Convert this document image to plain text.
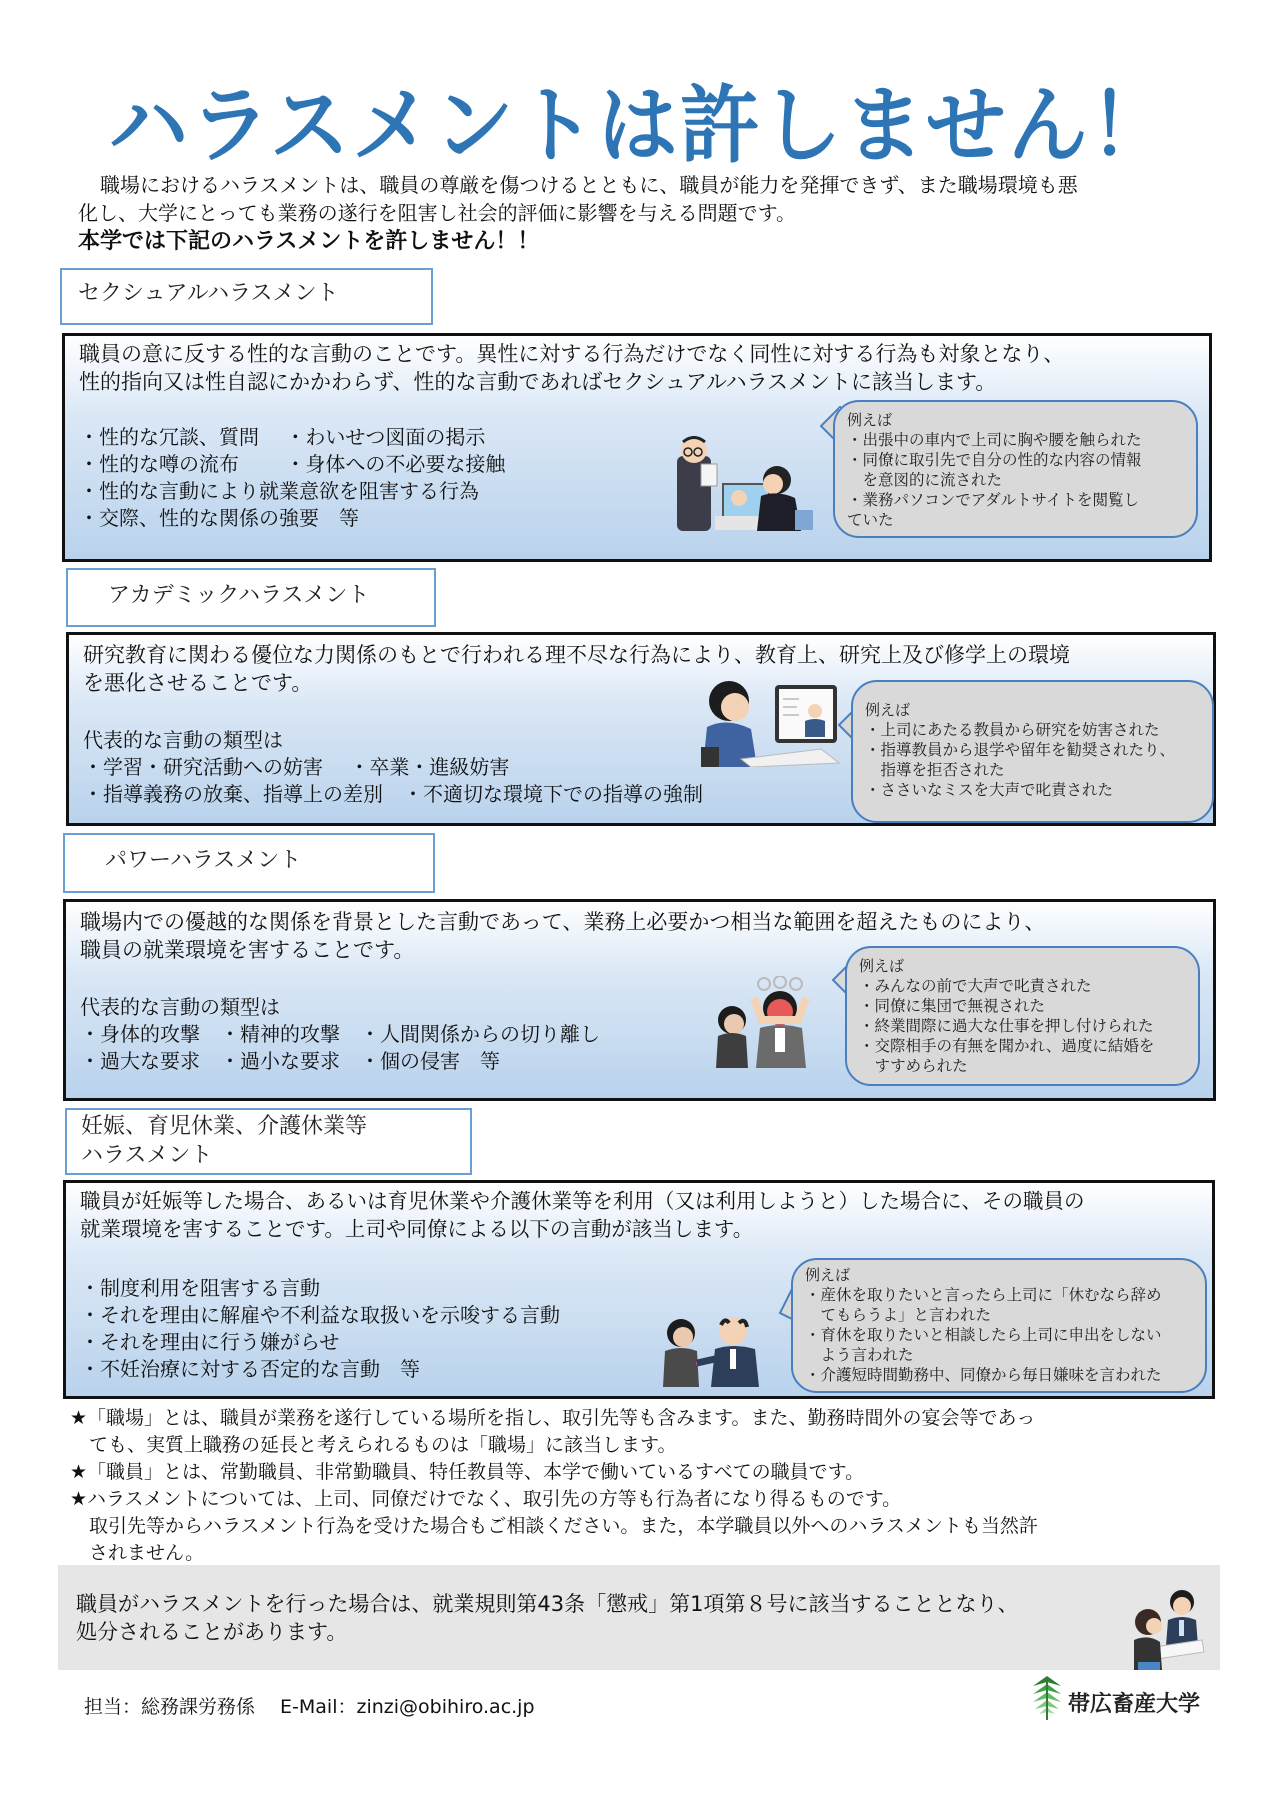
ハラスメントは許しません！
職場におけるハラスメントは、職員の尊厳を傷つけるとともに、職員が能力を発揮できず、また職場環境も悪
化し、大学にとっても業務の遂行を阻害し社会的評価に影響を与える問題です。
本学では下記のハラスメントを許しません！！
セクシュアルハラスメント
職員の意に反する性的な言動のことです。異性に対する行為だけでなく同性に対する行為も対象となり、
性的指向又は性自認にかかわらず、性的な言動であればセクシュアルハラスメントに該当します。
・性的な冗談、質問　 ・わいせつ図面の掲示
・性的な噂の流布　　 ・身体への不必要な接触
・性的な言動により就業意欲を阻害する行為
・交際、性的な関係の強要　等
例えば
・出張中の車内で上司に胸や腰を触られた
・同僚に取引先で自分の性的な内容の情報
　を意図的に流された
・業務パソコンでアダルトサイトを閲覧し
ていた
アカデミックハラスメント
研究教育に関わる優位な力関係のもとで行われる理不尽な行為により、教育上、研究上及び修学上の環境
を悪化させることです。
代表的な言動の類型は
・学習・研究活動への妨害　 ・卒業・進級妨害
・指導義務の放棄、指導上の差別　・不適切な環境下での指導の強制
例えば
・上司にあたる教員から研究を妨害された
・指導教員から退学や留年を勧奨されたり、
　指導を拒否された
・ささいなミスを大声で叱責された
パワーハラスメント
職場内での優越的な関係を背景とした言動であって、業務上必要かつ相当な範囲を超えたものにより、
職員の就業環境を害することです。
代表的な言動の類型は
・身体的攻撃　・精神的攻撃　・人間関係からの切り離し
・過大な要求　・過小な要求　・個の侵害　等
例えば
・みんなの前で大声で叱責された
・同僚に集団で無視された
・終業間際に過大な仕事を押し付けられた
・交際相手の有無を聞かれ、過度に結婚を
　すすめられた
妊娠、育児休業、介護休業等
ハラスメント
職員が妊娠等した場合、あるいは育児休業や介護休業等を利用（又は利用しようと）した場合に、その職員の
就業環境を害することです。上司や同僚による以下の言動が該当します。
・制度利用を阻害する言動
・それを理由に解雇や不利益な取扱いを示唆する言動
・それを理由に行う嫌がらせ
・不妊治療に対する否定的な言動　等
例えば
・産休を取りたいと言ったら上司に「休むなら辞め
　てもらうよ」と言われた
・育休を取りたいと相談したら上司に申出をしない
　よう言われた
・介護短時間勤務中、同僚から毎日嫌味を言われた
★「職場」とは、職員が業務を遂行している場所を指し、取引先等も含みます。また、勤務時間外の宴会等であっ
　ても、実質上職務の延長と考えられるものは「職場」に該当します。
★「職員」とは、常勤職員、非常勤職員、特任教員等、本学で働いているすべての職員です。
★ハラスメントについては、上司、同僚だけでなく、取引先の方等も行為者になり得るものです。
　取引先等からハラスメント行為を受けた場合もご相談ください。また，本学職員以外へのハラスメントも当然許
　されません。
職員がハラスメントを行った場合は、就業規則第43条「懲戒」第1項第８号に該当することとなり、
処分されることがあります。
担当：総務課労務係　 E-Mail：zinzi@obihiro.ac.jp	帯広畜産大学
